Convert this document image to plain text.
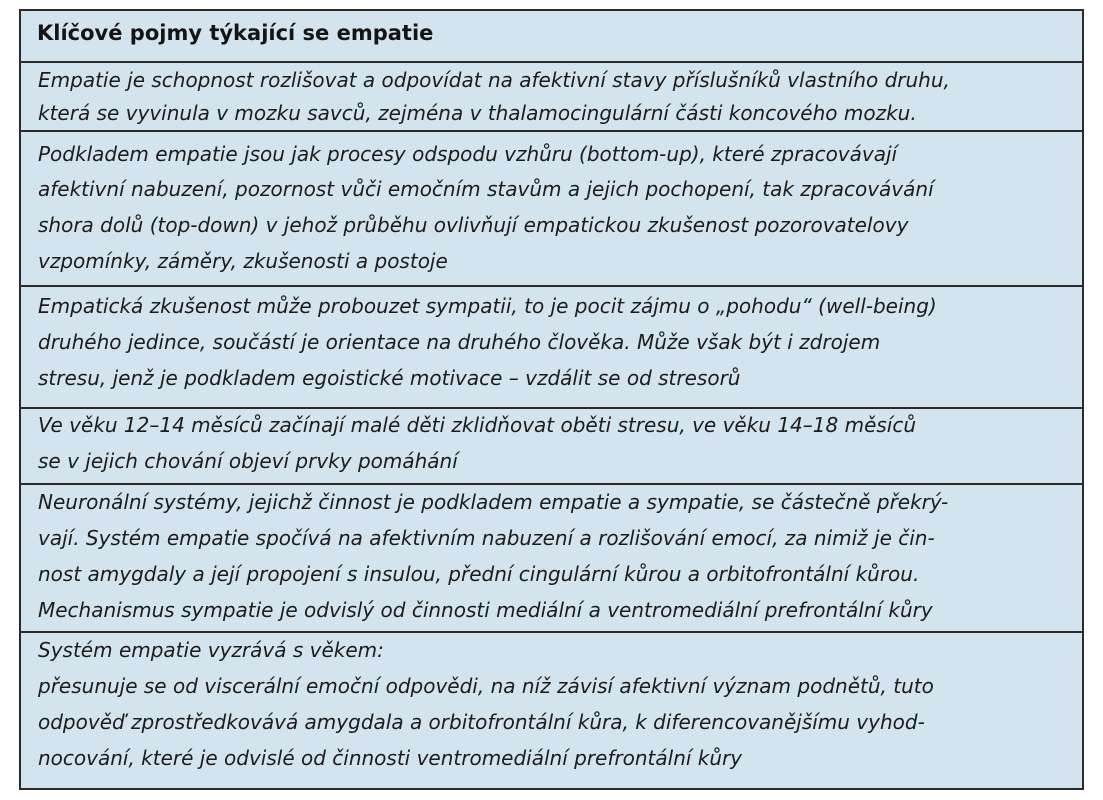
Klíčové pojmy týkající se empatie
Empatie je schopnost rozlišovat a odpovídat na afektivní stavy příslušníků vlastního druhu,
která se vyvinula v mozku savců, zejména v thalamocingulární části koncového mozku.
Podkladem empatie jsou jak procesy odspodu vzhůru (bottom-up), které zpracovávají
afektivní nabuzení, pozornost vůči emočním stavům a jejich pochopení, tak zpracovávání
shora dolů (top-down) v jehož průběhu ovlivňují empatickou zkušenost pozorovatelovy
vzpomínky, záměry, zkušenosti a postoje
Empatická zkušenost může probouzet sympatii, to je pocit zájmu o „pohodu“ (well-being)
druhého jedince, součástí je orientace na druhého člověka. Může však být i zdrojem
stresu, jenž je podkladem egoistické motivace – vzdálit se od stresorů
Ve věku 12–14 měsíců začínají malé děti zklidňovat oběti stresu, ve věku 14–18 měsíců
se v jejich chování objeví prvky pomáhání
Neuronální systémy, jejichž činnost je podkladem empatie a sympatie, se částečně překrý-
vají. Systém empatie spočívá na afektivním nabuzení a rozlišování emocí, za nimiž je čin-
nost amygdaly a její propojení s insulou, přední cingulární kůrou a orbitofrontální kůrou.
Mechanismus sympatie je odvislý od činnosti mediální a ventromediální prefrontální kůry
Systém empatie vyzrává s věkem:
přesunuje se od viscerální emoční odpovědi, na níž závisí afektivní význam podnětů, tuto
odpověď zprostředkovává amygdala a orbitofrontální kůra, k diferencovanějšímu vyhod-
nocování, které je odvislé od činnosti ventromediální prefrontální kůry
